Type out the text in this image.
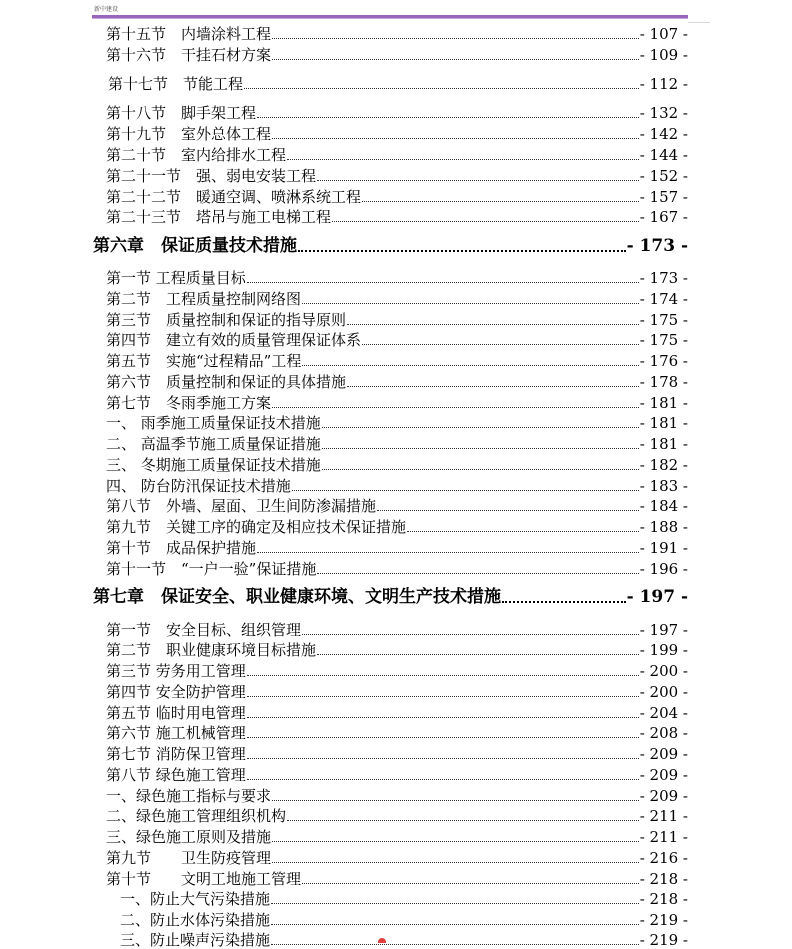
新中建设
第十五节　内墙涂料工程	- 107 -
第十六节　干挂石材方案	- 109 -
第十七节　节能工程	- 112 -
第十八节　脚手架工程	- 132 -
第十九节　室外总体工程	- 142 -
第二十节　室内给排水工程	- 144 -
第二十一节　强、弱电安装工程	- 152 -
第二十二节　暖通空调、喷淋系统工程	- 157 -
第二十三节　塔吊与施工电梯工程	- 167 -
第六章　保证质量技术措施	- 173 -
第一节 工程质量目标	- 173 -
第二节　工程质量控制网络图	- 174 -
第三节　质量控制和保证的指导原则	- 175 -
第四节　建立有效的质量管理保证体系	- 175 -
第五节　实施“过程精品”工程	- 176 -
第六节　质量控制和保证的具体措施	- 178 -
第七节　冬雨季施工方案	- 181 -
一、 雨季施工质量保证技术措施	- 181 -
二、 高温季节施工质量保证措施	- 181 -
三、 冬期施工质量保证技术措施	- 182 -
四、 防台防汛保证技术措施	- 183 -
第八节　外墙、屋面、卫生间防渗漏措施	- 184 -
第九节　关键工序的确定及相应技术保证措施	- 188 -
第十节　成品保护措施	- 191 -
第十一节　“一户一验”保证措施	- 196 -
第七章　保证安全、职业健康环境、文明生产技术措施	- 197 -
第一节　安全目标、组织管理	- 197 -
第二节　职业健康环境目标措施	- 199 -
第三节 劳务用工管理	- 200 -
第四节 安全防护管理	- 200 -
第五节 临时用电管理	- 204 -
第六节 施工机械管理	- 208 -
第七节 消防保卫管理	- 209 -
第八节 绿色施工管理	- 209 -
一、绿色施工指标与要求	- 209 -
二、绿色施工管理组织机构	- 211 -
三、绿色施工原则及措施	- 211 -
第九节　　卫生防疫管理	- 216 -
第十节　　文明工地施工管理	- 218 -
一、防止大气污染措施	- 218 -
二、防止水体污染措施	- 219 -
三、防止噪声污染措施	- 219 -
